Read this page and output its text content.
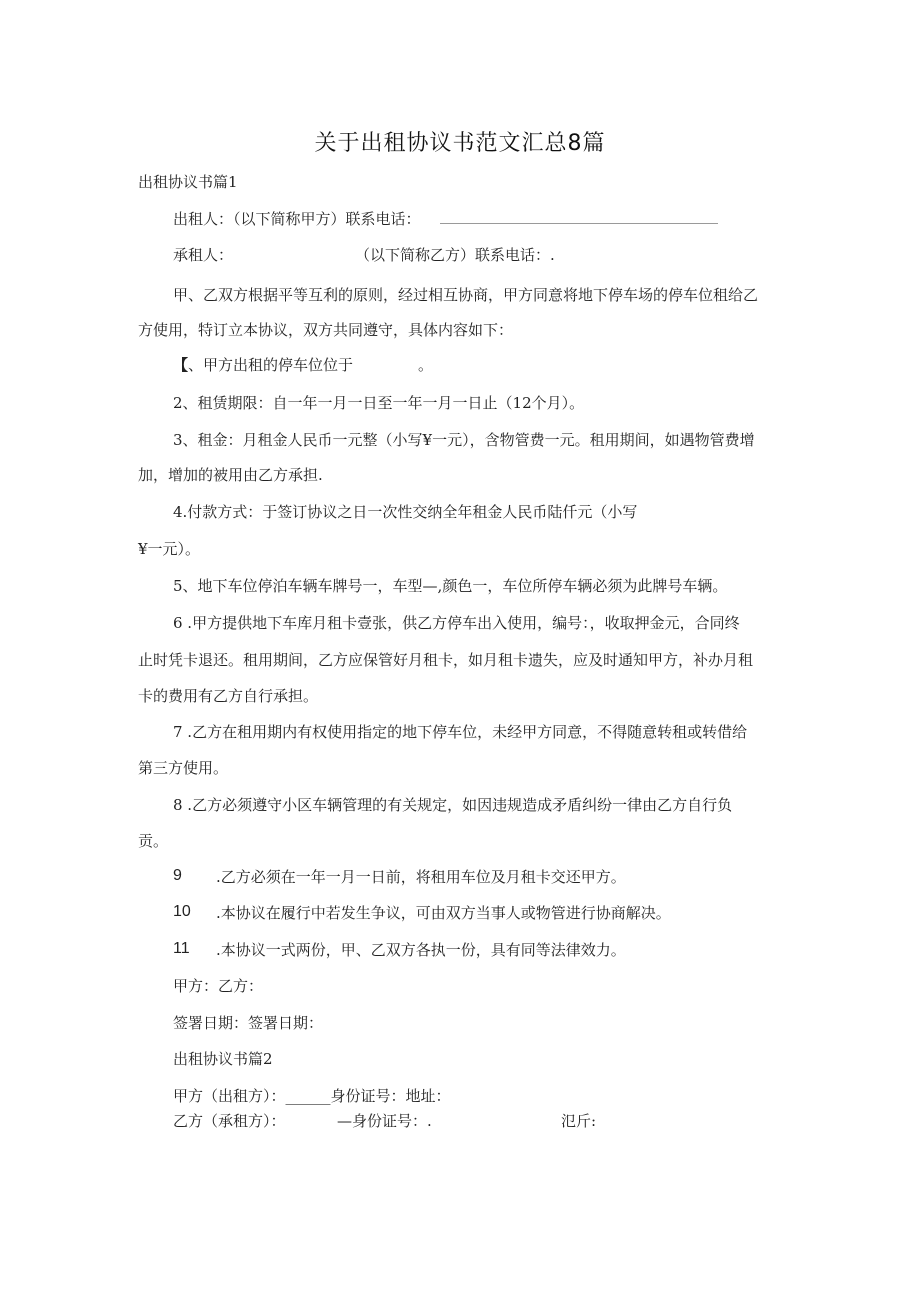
关于出租协议书范文汇总8篇
出租协议书篇1
出租人：（以下简称甲方）联系电话：
承租人：	（以下简称乙方）联系电话：.
甲、乙双方根据平等互利的原则，经过相互协商，甲方同意将地下停车场的停车位租给乙
方使用，特订立本协议，双方共同遵守，具体内容如下：
【、甲方出租的停车位位于	。
2、租赁期限：自一年一月一日至一年一月一日止（12个月）。
3、租金：月租金人民币一元整（小写¥一元），含物管费一元。租用期间，如遇物管费增
加，增加的被用由乙方承担.
4.付款方式：于签订协议之日一次性交纳全年租金人民币陆仟元（小写
¥一元）。
5、地下车位停泊车辆车牌号一，车型—,颜色一，车位所停车辆必须为此牌号车辆。
6 .甲方提供地下车库月租卡壹张，供乙方停车出入使用，编号：，收取押金元，合同终
止时凭卡退还。租用期间，乙方应保管好月租卡，如月租卡遗失，应及时通知甲方，补办月租
卡的费用有乙方自行承担。
7 .乙方在租用期内有权使用指定的地下停车位，未经甲方同意，不得随意转租或转借给
第三方使用。
8 .乙方必须遵守小区车辆管理的有关规定，如因违规造成矛盾纠纷一律由乙方自行负
贡。
9 .乙方必须在一年一月一日前，将租用车位及月租卡交还甲方。
10 .本协议在履行中若发生争议，可由双方当事人或物管进行协商解决。
11 .本协议一式两份，甲、乙双方各执一份，具有同等法律效力。
甲方：乙方：
签署日期：签署日期：
出租协议书篇2
甲方（出租方）：______身份证号：地址：
乙方（承租方）：	—身份证号：.	氾斤:
